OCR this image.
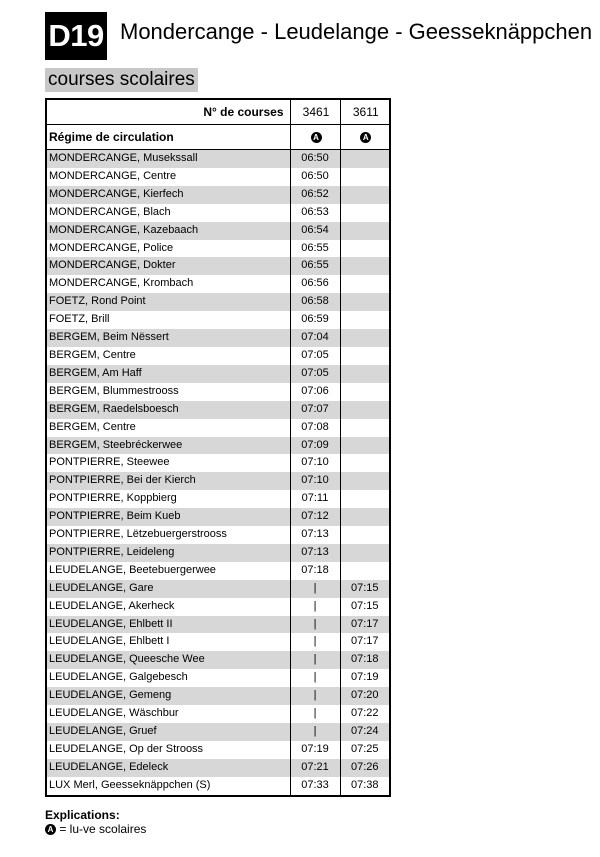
D19 Mondercange - Leudelange - Geesseknäppchen
courses scolaires
N° de courses	3461	3611
Régime de circulation	A	A
MONDERCANGE, Musekssall	06:50	
MONDERCANGE, Centre	06:50	
MONDERCANGE, Kierfech	06:52	
MONDERCANGE, Blach	06:53	
MONDERCANGE, Kazebaach	06:54	
MONDERCANGE, Police	06:55	
MONDERCANGE, Dokter	06:55	
MONDERCANGE, Krombach	06:56	
FOETZ, Rond Point	06:58	
FOETZ, Brill	06:59	
BERGEM, Beim Nëssert	07:04	
BERGEM, Centre	07:05	
BERGEM, Am Haff	07:05	
BERGEM, Blummestrooss	07:06	
BERGEM, Raedelsboesch	07:07	
BERGEM, Centre	07:08	
BERGEM, Steebréckerwee	07:09	
PONTPIERRE, Steewee	07:10	
PONTPIERRE, Bei der Kierch	07:10	
PONTPIERRE, Koppbierg	07:11	
PONTPIERRE, Beim Kueb	07:12	
PONTPIERRE, Lëtzebuergerstrooss	07:13	
PONTPIERRE, Leideleng	07:13	
LEUDELANGE, Beetebuergerwee	07:18	
LEUDELANGE, Gare	|	07:15
LEUDELANGE, Akerheck	|	07:15
LEUDELANGE, Ehlbett II	|	07:17
LEUDELANGE, Ehlbett I	|	07:17
LEUDELANGE, Queesche Wee	|	07:18
LEUDELANGE, Galgebesch	|	07:19
LEUDELANGE, Gemeng	|	07:20
LEUDELANGE, Wäschbur	|	07:22
LEUDELANGE, Gruef	|	07:24
LEUDELANGE, Op der Strooss	07:19	07:25
LEUDELANGE, Edeleck	07:21	07:26
LUX Merl, Geesseknäppchen (S)	07:33	07:38
Explications:
A = lu-ve scolaires
